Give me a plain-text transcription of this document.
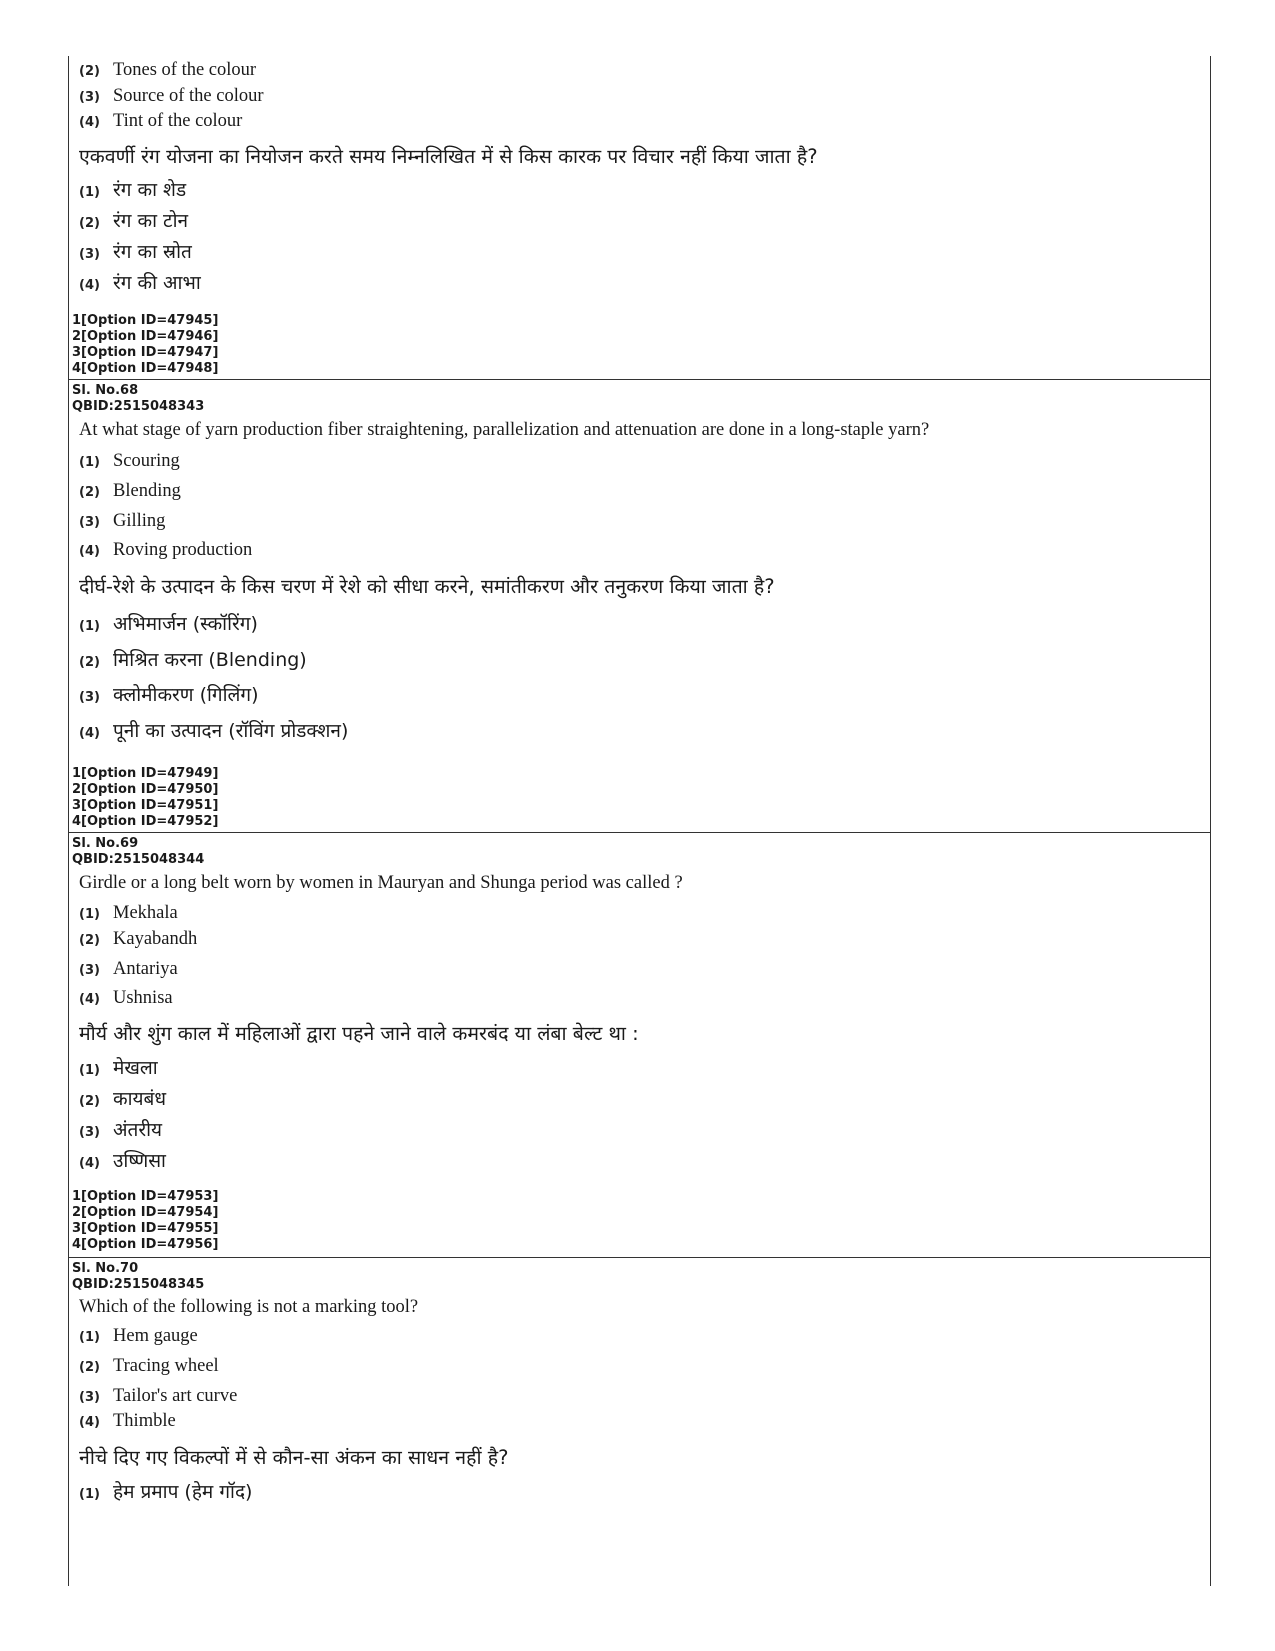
(2) Tones of the colour
(3) Source of the colour
(4) Tint of the colour
एकवर्णी रंग योजना का नियोजन करते समय निम्नलिखित में से किस कारक पर विचार नहीं किया जाता है?
(1) रंग का शेड
(2) रंग का टोन
(3) रंग का स्रोत
(4) रंग की आभा
1[Option ID=47945]
2[Option ID=47946]
3[Option ID=47947]
4[Option ID=47948]
Sl. No.68
QBID:2515048343
At what stage of yarn production fiber straightening, parallelization and attenuation are done in a long-staple yarn?
(1) Scouring
(2) Blending
(3) Gilling
(4) Roving production
दीर्घ-रेशे के उत्पादन के किस चरण में रेशे को सीधा करने, समांतीकरण और तनुकरण किया जाता है?
(1) अभिमार्जन (स्कॉरिंग)
(2) मिश्रित करना (Blending)
(3) क्लोमीकरण (गिलिंग)
(4) पूनी का उत्पादन (रॉविंग प्रोडक्शन)
1[Option ID=47949]
2[Option ID=47950]
3[Option ID=47951]
4[Option ID=47952]
Sl. No.69
QBID:2515048344
Girdle or a long belt worn by women in Mauryan and Shunga period was called ?
(1) Mekhala
(2) Kayabandh
(3) Antariya
(4) Ushnisa
मौर्य और शुंग काल में महिलाओं द्वारा पहने जाने वाले कमरबंद या लंबा बेल्ट था :
(1) मेखला
(2) कायबंध
(3) अंतरीय
(4) उष्णिसा
1[Option ID=47953]
2[Option ID=47954]
3[Option ID=47955]
4[Option ID=47956]
Sl. No.70
QBID:2515048345
Which of the following is not a marking tool?
(1) Hem gauge
(2) Tracing wheel
(3) Tailor's art curve
(4) Thimble
नीचे दिए गए विकल्पों में से कौन-सा अंकन का साधन नहीं है?
(1) हेम प्रमाप (हेम गॉद)
